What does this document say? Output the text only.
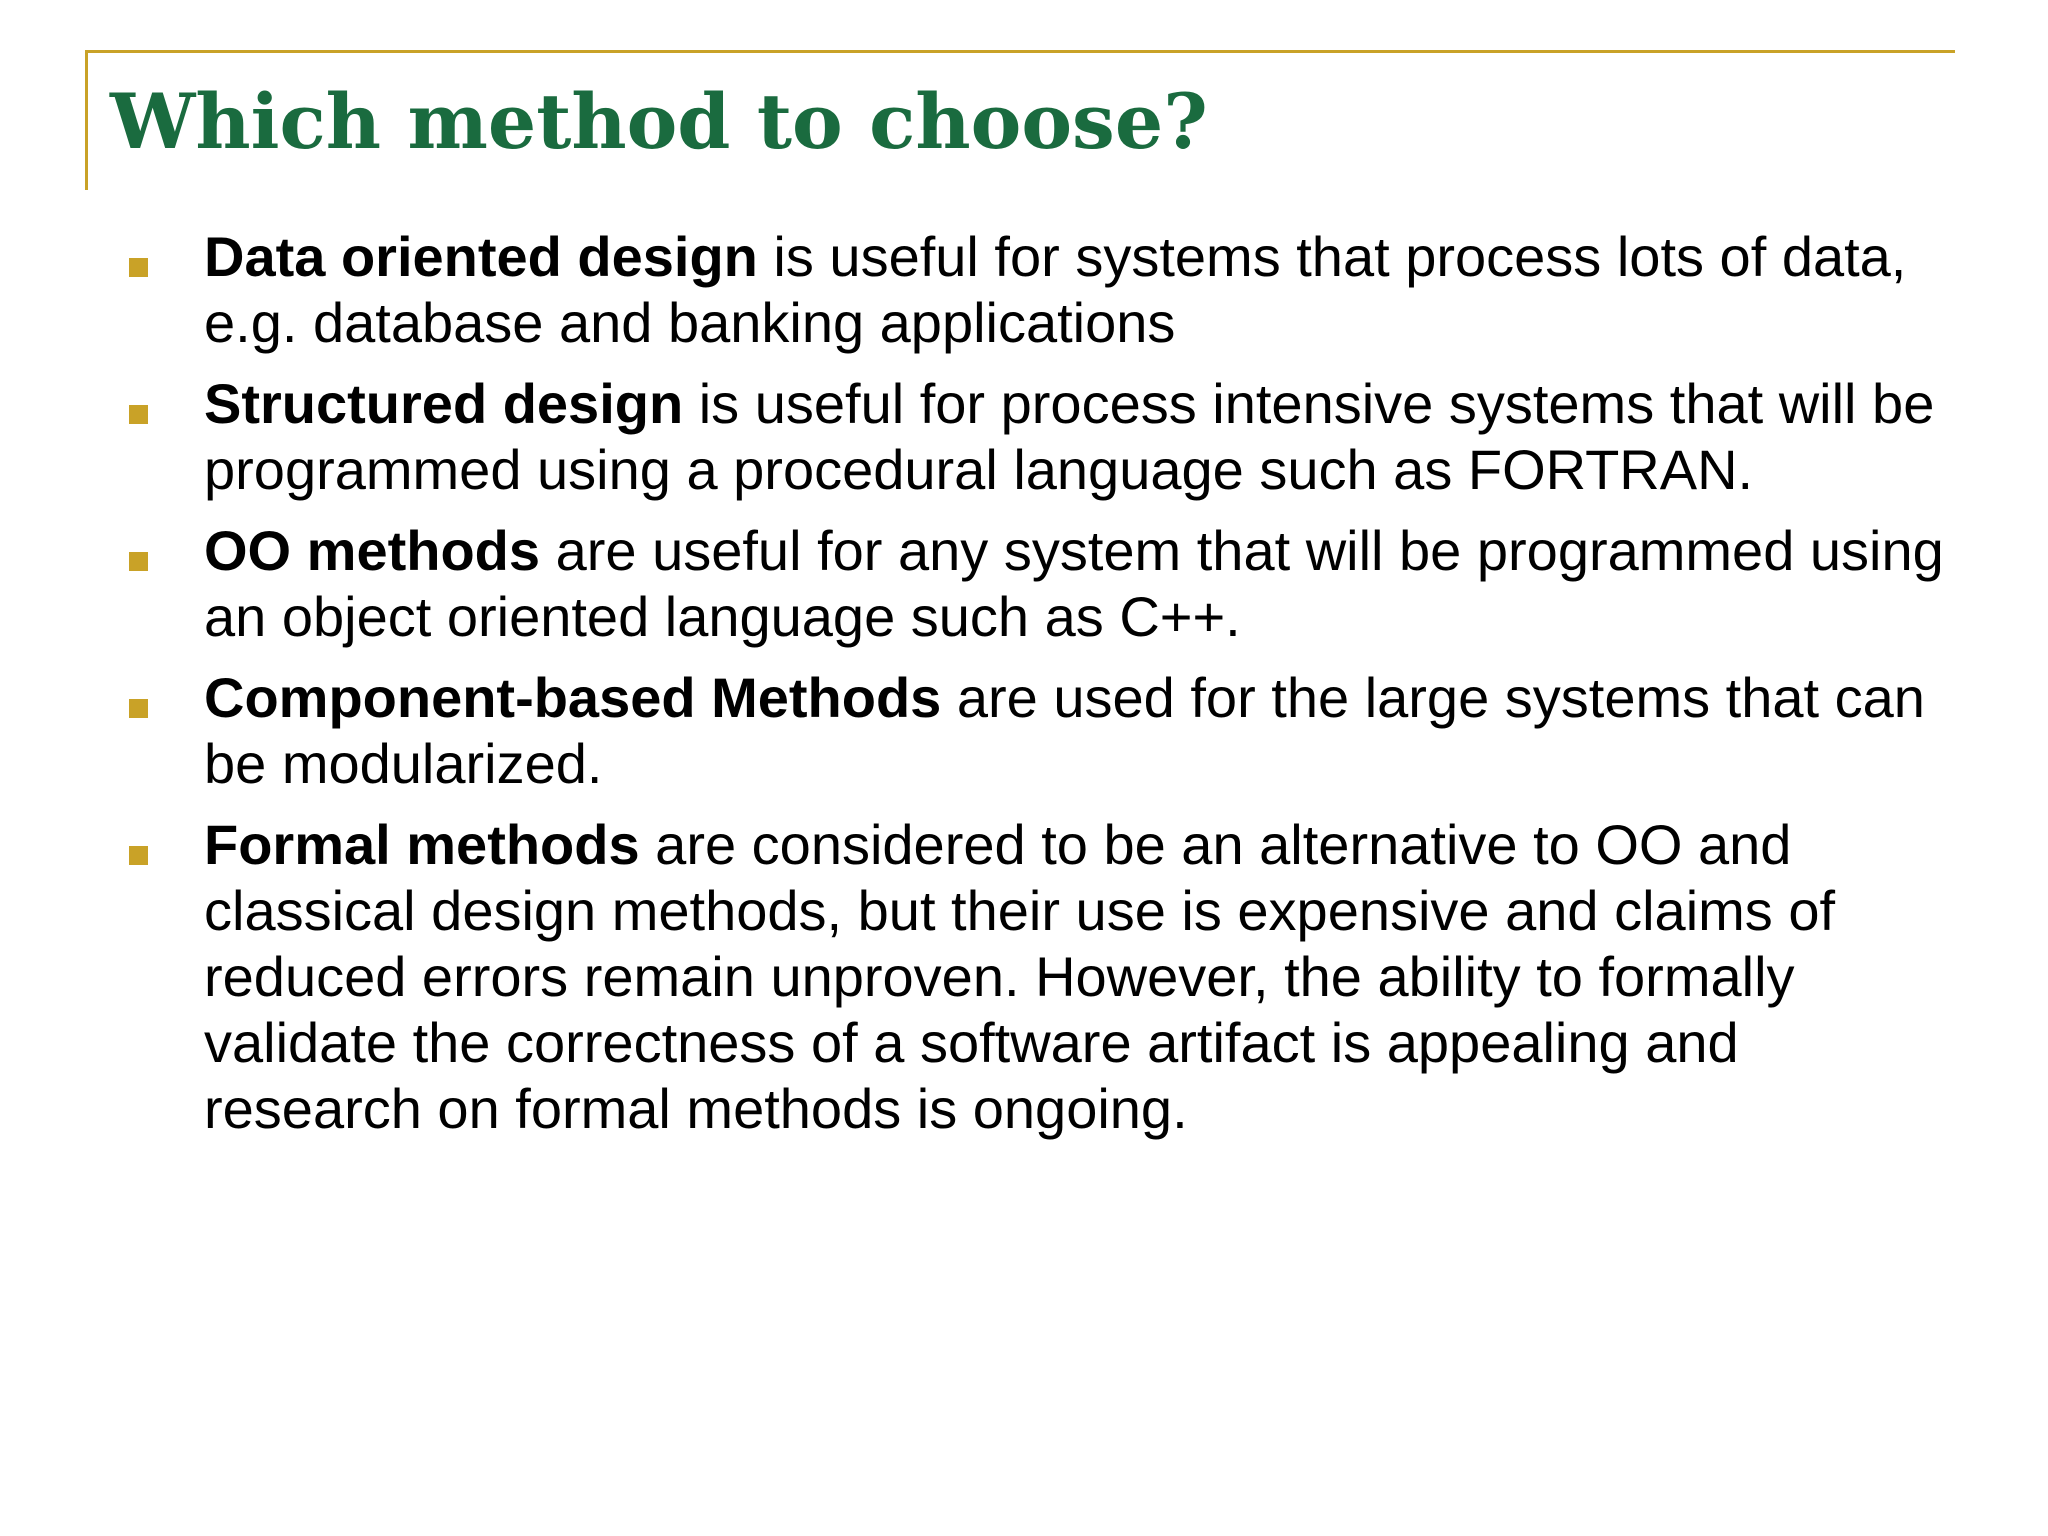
Which method to choose?
Data oriented design is useful for systems that process lots of data, e.g. database and banking applications
Structured design is useful for process intensive systems that will be programmed using a procedural language such as FORTRAN.
OO methods are useful for any system that will be programmed using an object oriented language such as C++.
Component-based Methods are used for the large systems that can be modularized.
Formal methods are considered to be an alternative to OO and classical design methods, but their use is expensive and claims of reduced errors remain unproven. However, the ability to formally validate the correctness of a software artifact is appealing and research on formal methods is ongoing.
